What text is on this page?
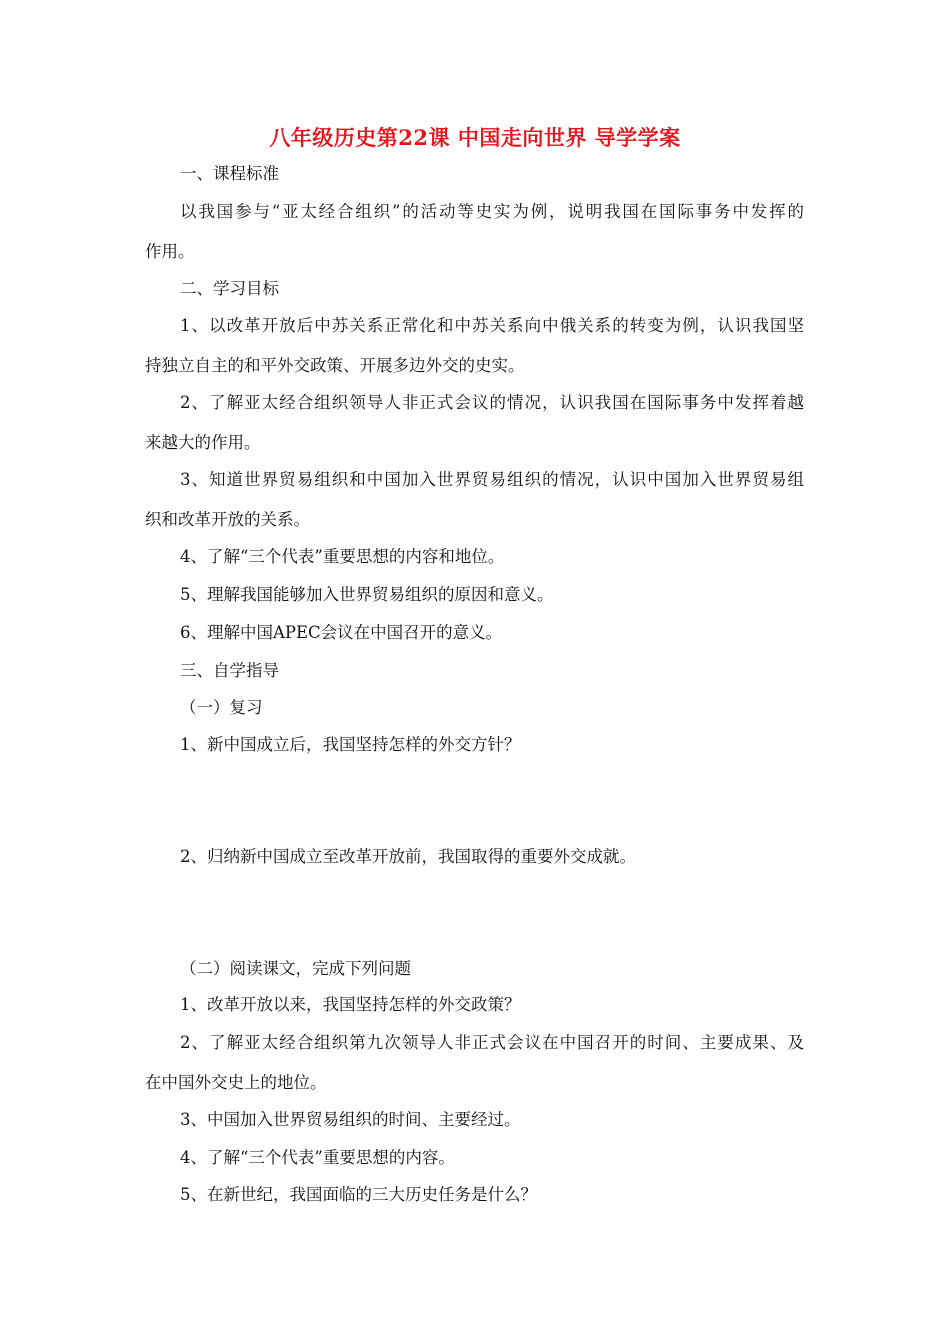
八年级历史第22课 中国走向世界 导学学案
一、课程标准
以我国参与“亚太经合组织”的活动等史实为例，说明我国在国际事务中发挥的
作用。
二、学习目标
1、以改革开放后中苏关系正常化和中苏关系向中俄关系的转变为例，认识我国坚
持独立自主的和平外交政策、开展多边外交的史实。
2、了解亚太经合组织领导人非正式会议的情况，认识我国在国际事务中发挥着越
来越大的作用。
3、知道世界贸易组织和中国加入世界贸易组织的情况，认识中国加入世界贸易组
织和改革开放的关系。
4、了解“三个代表”重要思想的内容和地位。
5、理解我国能够加入世界贸易组织的原因和意义。
6、理解中国APEC会议在中国召开的意义。
三、自学指导
（一）复习
1、新中国成立后，我国坚持怎样的外交方针？
2、归纳新中国成立至改革开放前，我国取得的重要外交成就。
（二）阅读课文，完成下列问题
1、改革开放以来，我国坚持怎样的外交政策？
2、了解亚太经合组织第九次领导人非正式会议在中国召开的时间、主要成果、及
在中国外交史上的地位。
3、中国加入世界贸易组织的时间、主要经过。
4、了解“三个代表”重要思想的内容。
5、在新世纪，我国面临的三大历史任务是什么？
